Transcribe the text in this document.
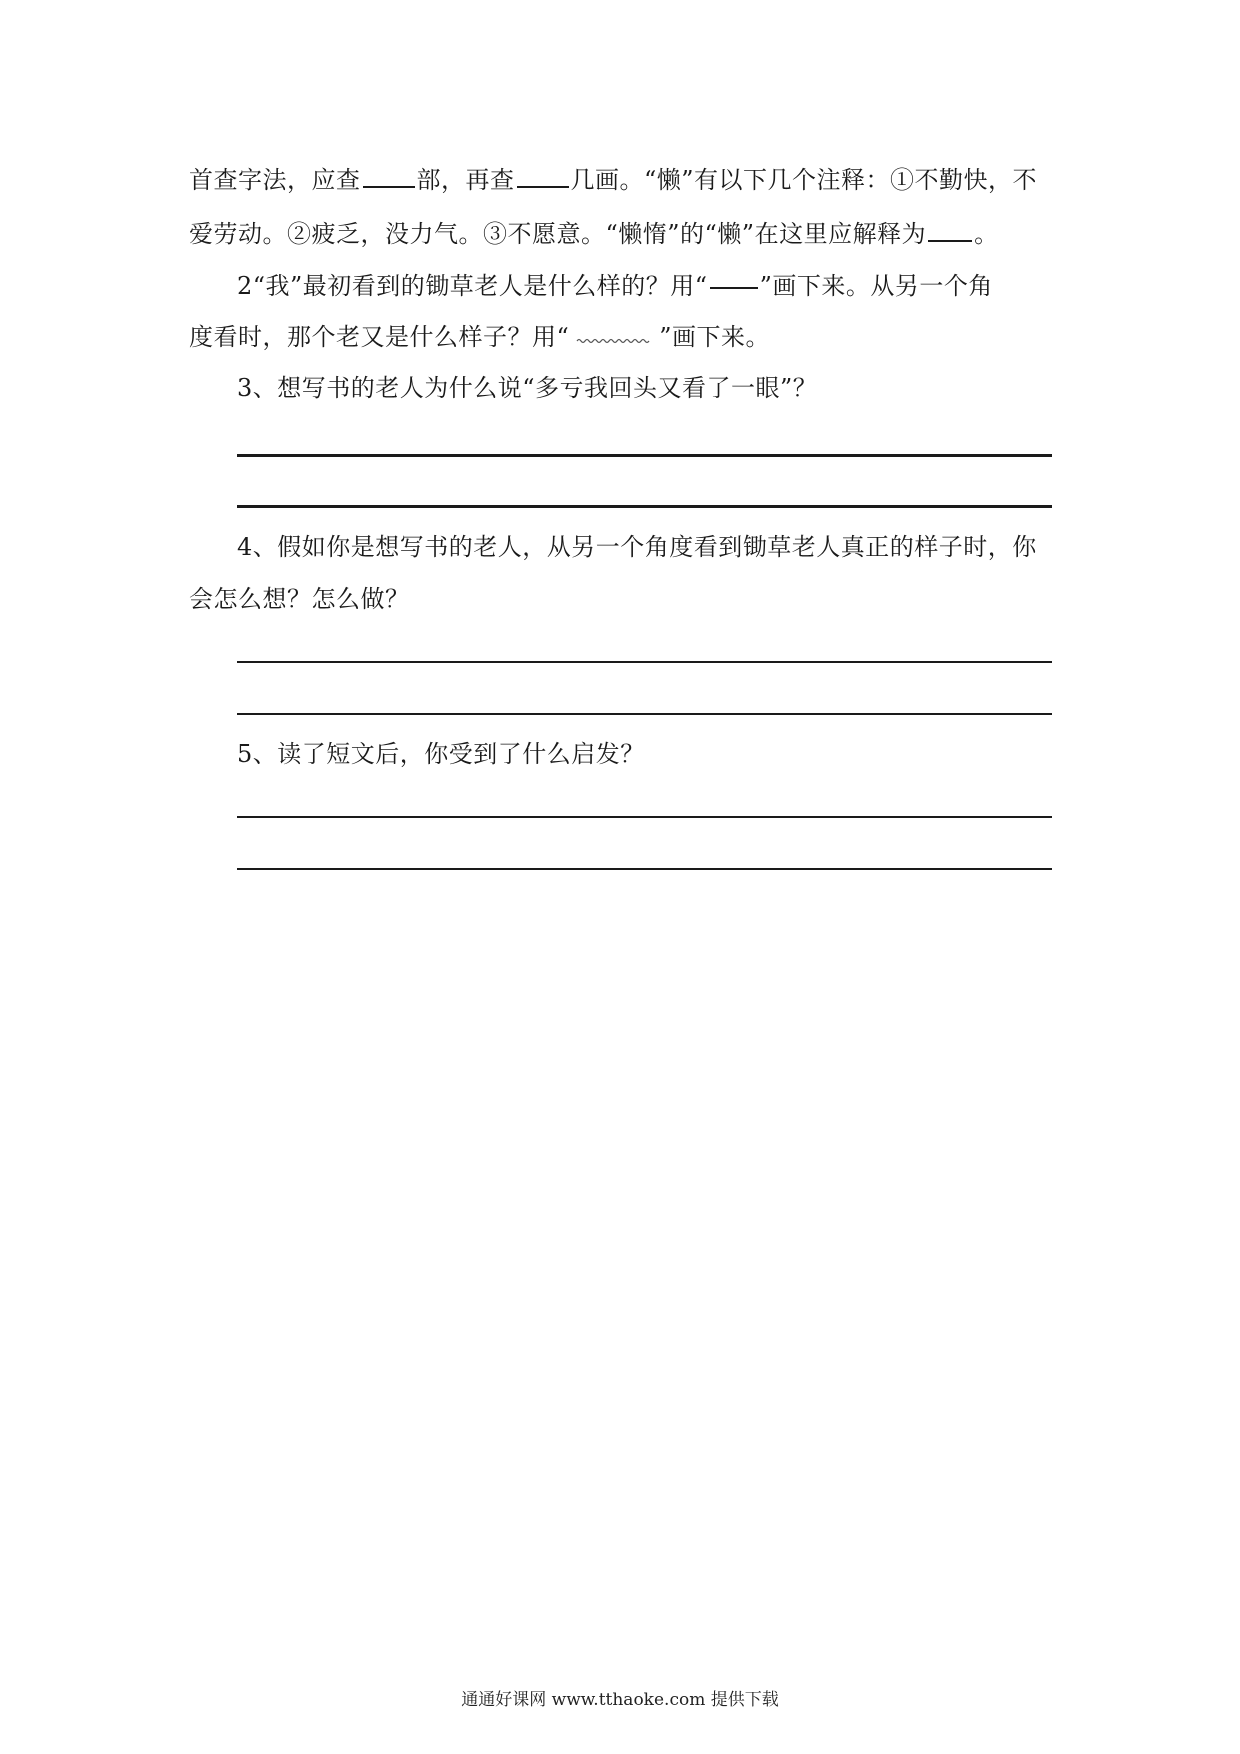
首查字法，应查 部，再查 几画。“懒”有以下几个注释：①不勤快，不
爱劳动。②疲乏，没力气。③不愿意。“懒惰”的“懒”在这里应解释为 。
2“我”最初看到的锄草老人是什么样的？用“ ”画下来。从另一个角
度看时，那个老又是什么样子？用“	”画下来。
3、想写书的老人为什么说“多亏我回头又看了一眼”？
4、假如你是想写书的老人，从另一个角度看到锄草老人真正的样子时，你
会怎么想？怎么做？
5、读了短文后，你受到了什么启发？
通通好课网 www.tthaoke.com 提供下载
